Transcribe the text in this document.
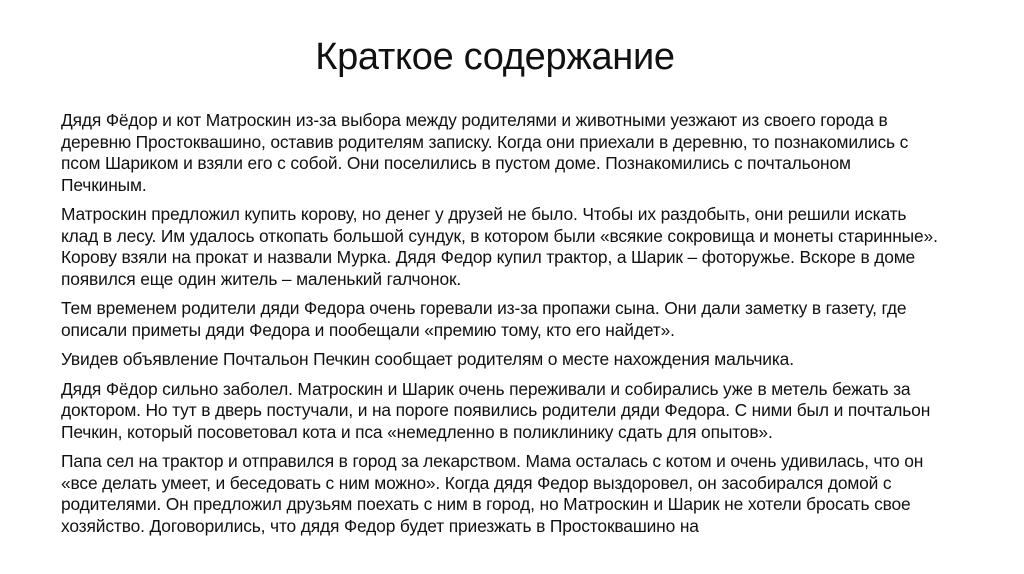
Краткое содержание

Дядя Фёдор и кот Матроскин из-за выбора между родителями и животными уезжают из своего города в деревню Простоквашино, оставив родителям записку. Когда они приехали в деревню, то познакомились с псом Шариком и взяли его с собой. Они поселились в пустом доме. Познакомились с почтальоном Печкиным.

Матроскин предложил купить корову, но денег у друзей не было. Чтобы их раздобыть, они решили искать клад в лесу. Им удалось откопать большой сундук, в котором были «всякие сокровища и монеты старинные». Корову взяли на прокат и назвали Мурка. Дядя Федор купил трактор, а Шарик – фоторужье. Вскоре в доме появился еще один житель – маленький галчонок.

Тем временем родители дяди Федора очень горевали из-за пропажи сына. Они дали заметку в газету, где описали приметы дяди Федора и пообещали «премию тому, кто его найдет».

Увидев объявление Почтальон Печкин сообщает родителям о месте нахождения мальчика.

Дядя Фёдор сильно заболел. Матроскин и Шарик очень переживали и собирались уже в метель бежать за доктором. Но тут в дверь постучали, и на пороге появились родители дяди Федора. С ними был и почтальон Печкин, который посоветовал кота и пса «немедленно в поликлинику сдать для опытов».

Папа сел на трактор и отправился в город за лекарством. Мама осталась с котом и очень удивилась, что он «все делать умеет, и беседовать с ним можно». Когда дядя Федор выздоровел, он засобирался домой с родителями. Он предложил друзьям поехать с ним в город, но Матроскин и Шарик не хотели бросать свое хозяйство. Договорились, что дядя Федор будет приезжать в Простоквашино на
